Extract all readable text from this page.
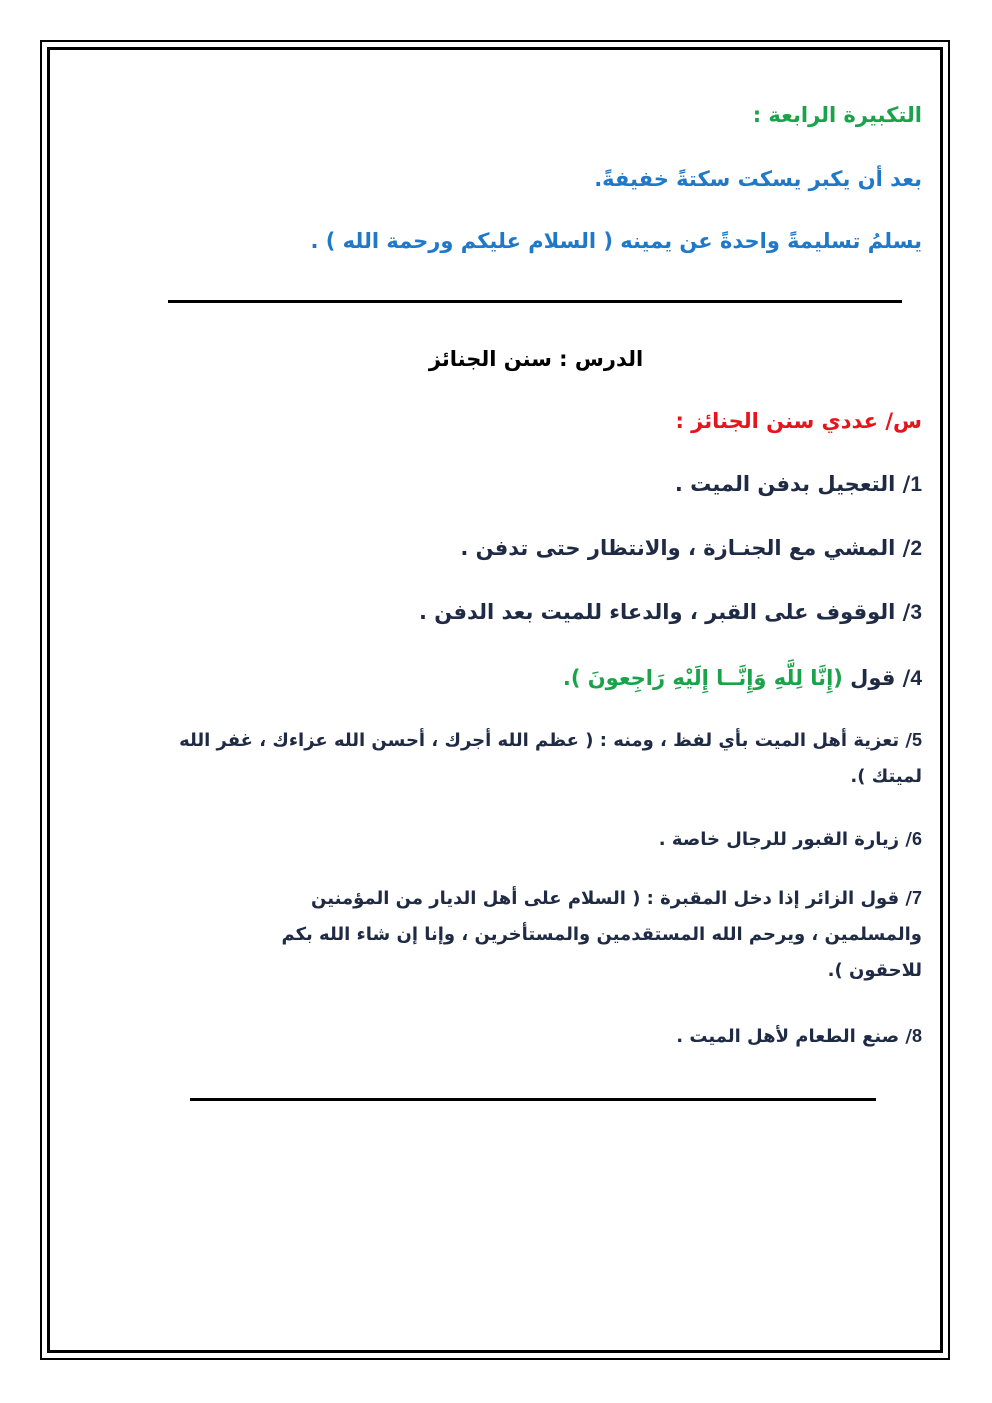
التكبيرة الرابعة :
بعد أن يكبر يسكت سكتةً خفيفةً.
يسلمُ تسليمةً واحدةً عن يمينه ( السلام عليكم ورحمة الله ) .
الدرس : سنن الجنائز
س/ عددي سنن الجنائز :
1/ التعجيل بدفن الميت .
2/ المشي مع الجنـازة ، والانتظار حتى تدفن .
3/ الوقوف على القبر ، والدعاء للميت بعد الدفن .
4/ قول (إِنَّا لِلَّهِ وَإِنَّــا إِلَيْهِ رَاجِعونَ ).
5/ تعزية أهل الميت بأي لفظ ، ومنه : ( عظم الله أجرك ، أحسن الله عزاءك ، غفر الله لميتك ).
6/ زيارة القبور للرجال خاصة .
7/ قول الزائر إذا دخل المقبرة : ( السلام على أهل الديار من المؤمنين والمسلمين ، ويرحم الله المستقدمين والمستأخرين ، وإنا إن شاء الله بكم للاحقون ).
8/ صنع الطعام لأهل الميت .
